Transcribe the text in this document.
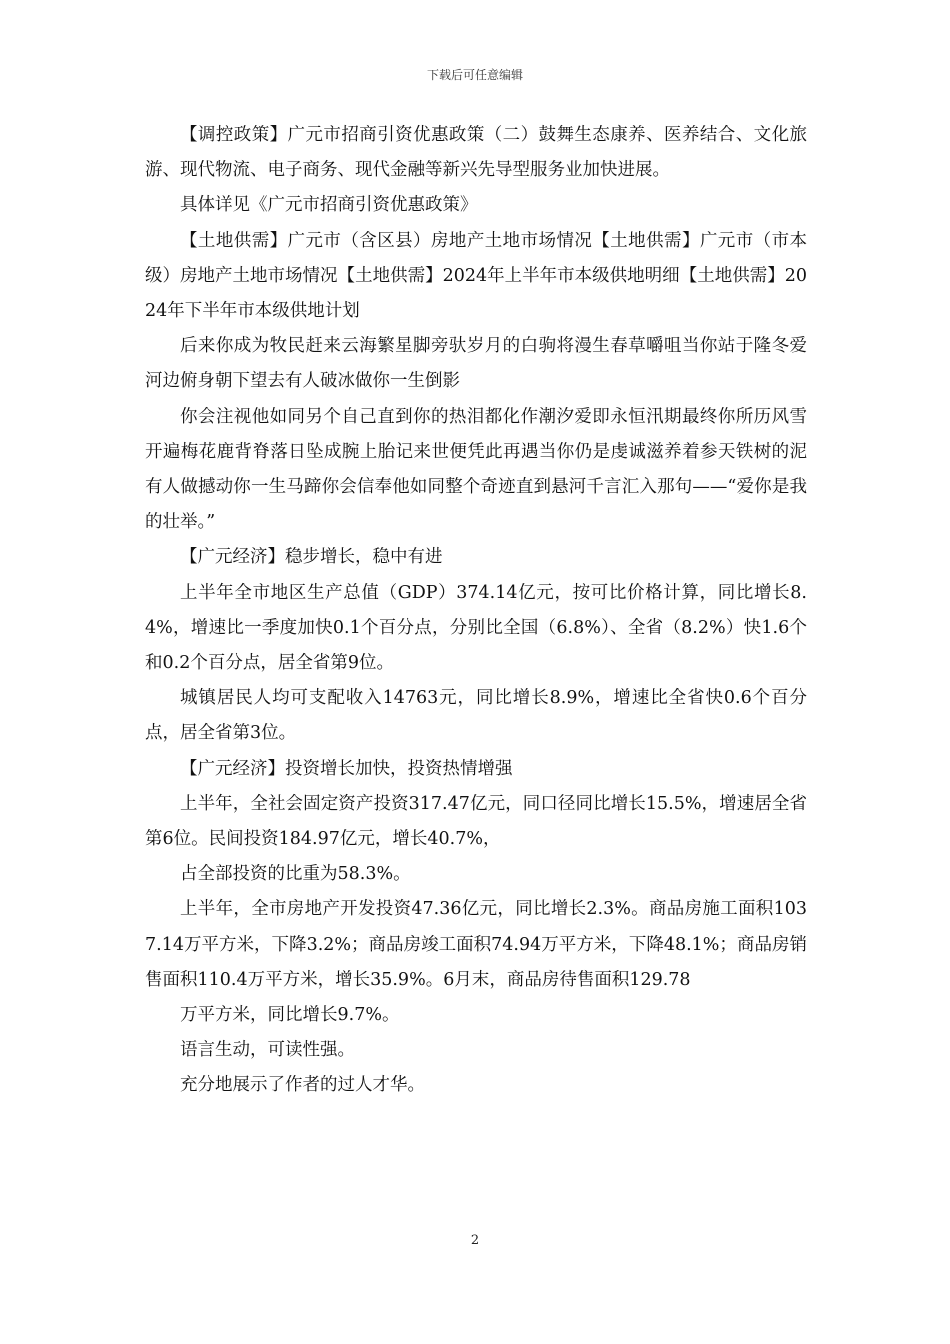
下载后可任意编辑

【调控政策】广元市招商引资优惠政策（二）鼓舞生态康养、医养结合、文化旅游、现代物流、电子商务、现代金融等新兴先导型服务业加快进展。

具体详见《广元市招商引资优惠政策》

【土地供需】广元市（含区县）房地产土地市场情况【土地供需】广元市（市本级）房地产土地市场情况【土地供需】2024年上半年市本级供地明细【土地供需】2024年下半年市本级供地计划

后来你成为牧民赶来云海繁星脚旁驮岁月的白驹将漫生春草嚼咀当你站于隆冬爱河边俯身朝下望去有人破冰做你一生倒影

你会注视他如同另个自己直到你的热泪都化作潮汐爱即永恒汛期最终你所历风雪开遍梅花鹿背脊落日坠成腕上胎记来世便凭此再遇当你仍是虔诚滋养着参天铁树的泥有人做撼动你一生马蹄你会信奉他如同整个奇迹直到悬河千言汇入那句——“爱你是我的壮举。”

【广元经济】稳步增长，稳中有进

上半年全市地区生产总值（GDP）374.14亿元，按可比价格计算，同比增长8.4%，增速比一季度加快0.1个百分点，分别比全国（6.8%）、全省（8.2%）快1.6个和0.2个百分点，居全省第9位。

城镇居民人均可支配收入14763元，同比增长8.9%，增速比全省快0.6个百分点，居全省第3位。

【广元经济】投资增长加快，投资热情增强

上半年，全社会固定资产投资317.47亿元，同口径同比增长15.5%，增速居全省第6位。民间投资184.97亿元，增长40.7%，

占全部投资的比重为58.3%。

上半年，全市房地产开发投资47.36亿元，同比增长2.3%。商品房施工面积1037.14万平方米，下降3.2%；商品房竣工面积74.94万平方米，下降48.1%；商品房销售面积110.4万平方米，增长35.9%。6月末，商品房待售面积129.78

万平方米，同比增长9.7%。

语言生动，可读性强。

充分地展示了作者的过人才华。

2
